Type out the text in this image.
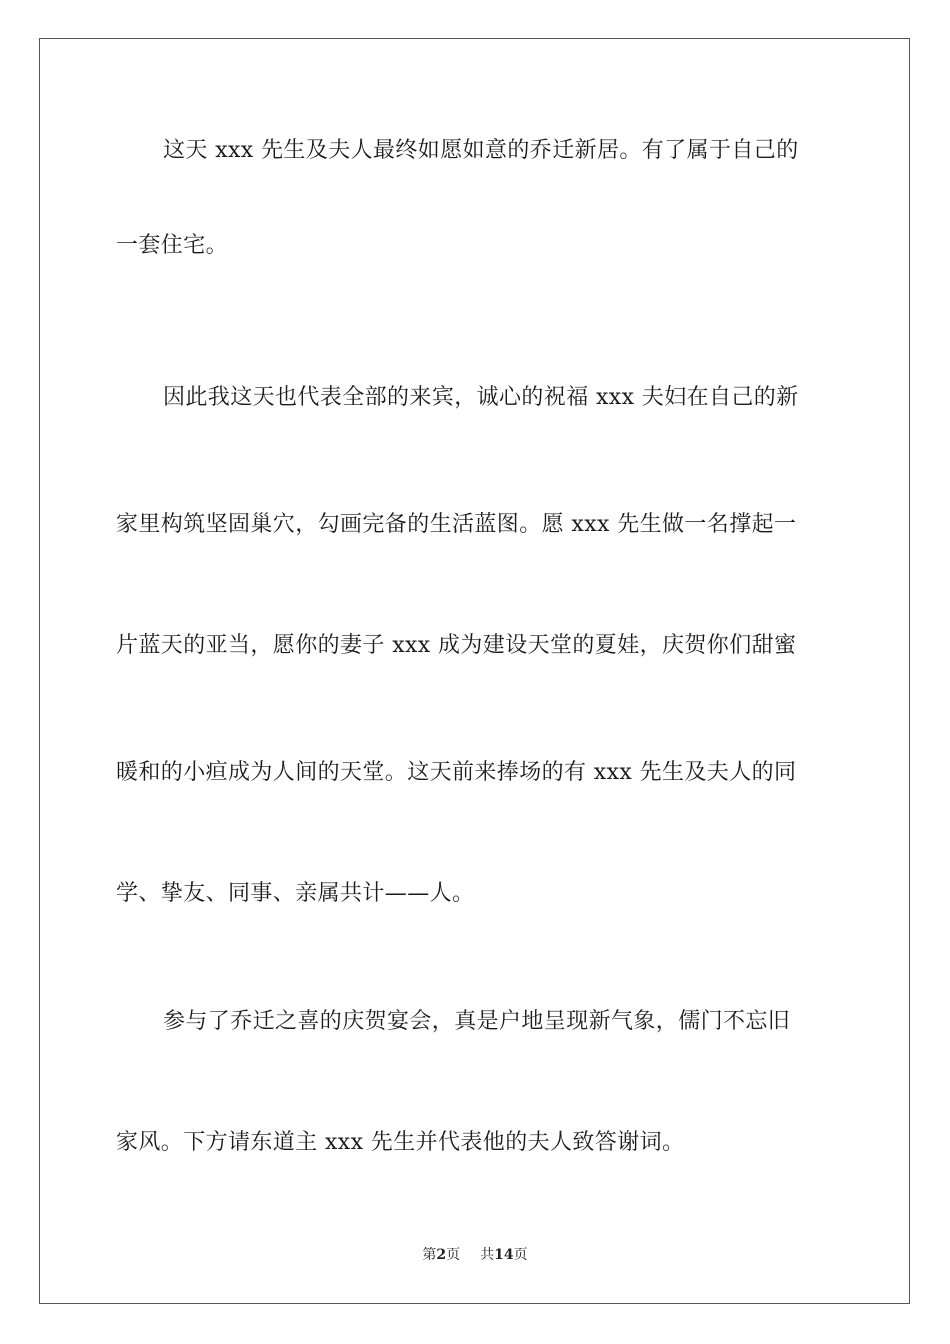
这天 xxx 先生及夫人最终如愿如意的乔迁新居。有了属于自己的
一套住宅。
因此我这天也代表全部的来宾，诚心的祝福 xxx 夫妇在自己的新
家里构筑坚固巢穴，勾画完备的生活蓝图。愿 xxx 先生做一名撑起一
片蓝天的亚当，愿你的妻子 xxx 成为建设天堂的夏娃，庆贺你们甜蜜
暖和的小疸成为人间的天堂。这天前来捧场的有 xxx 先生及夫人的同
学、挚友、同事、亲属共计——人。
参与了乔迁之喜的庆贺宴会，真是户地呈现新气象，儒门不忘旧
家风。下方请东道主 xxx 先生并代表他的夫人致答谢词。
第2页 共14页
